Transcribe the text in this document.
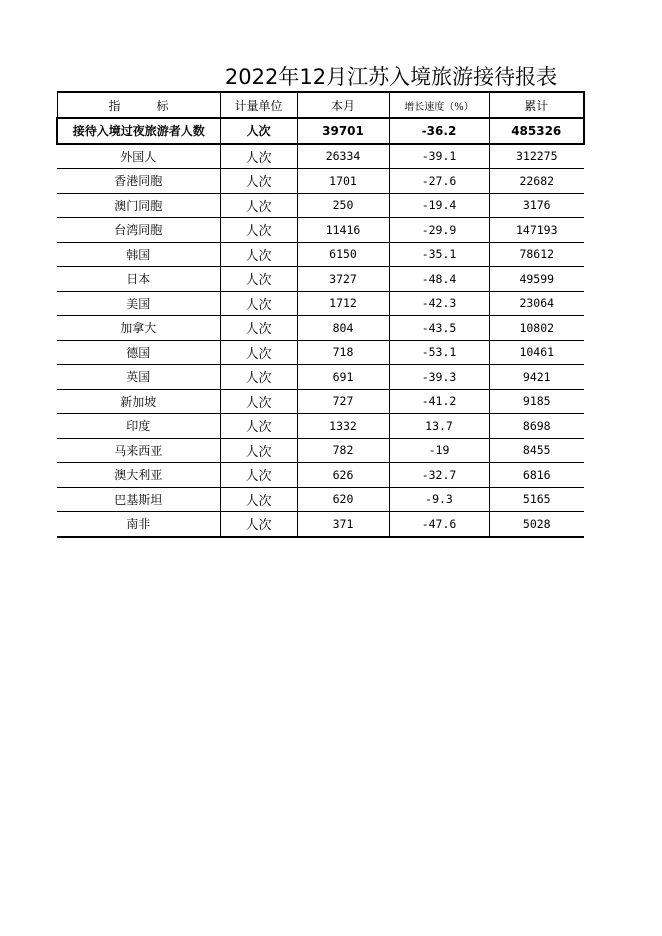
2022年12月江苏入境旅游接待报表
指　　　标	计量单位	本月	增长速度（%）	累计
接待入境过夜旅游者人数	人次	39701	-36.2	485326
外国人	人次	26334	-39.1	312275
香港同胞	人次	1701	-27.6	22682
澳门同胞	人次	250	-19.4	3176
台湾同胞	人次	11416	-29.9	147193
韩国	人次	6150	-35.1	78612
日本	人次	3727	-48.4	49599
美国	人次	1712	-42.3	23064
加拿大	人次	804	-43.5	10802
德国	人次	718	-53.1	10461
英国	人次	691	-39.3	9421
新加坡	人次	727	-41.2	9185
印度	人次	1332	13.7	8698
马来西亚	人次	782	-19	8455
澳大利亚	人次	626	-32.7	6816
巴基斯坦	人次	620	-9.3	5165
南非	人次	371	-47.6	5028
